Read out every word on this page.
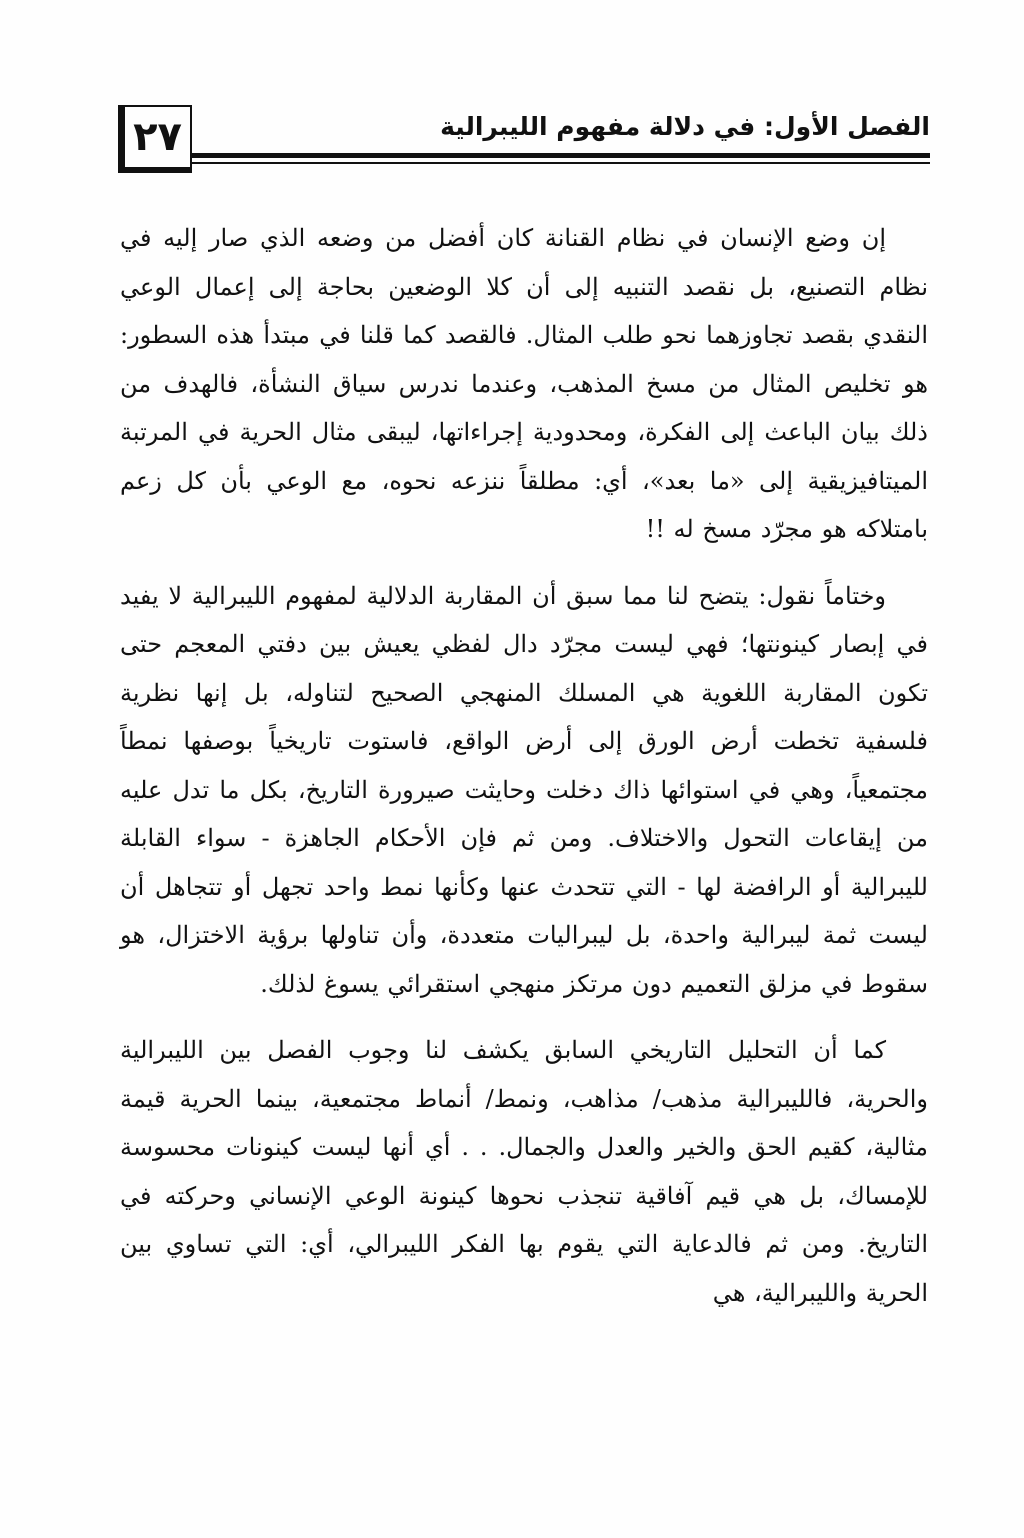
٢٧	الفصل الأول: في دلالة مفهوم الليبرالية

إن وضع الإنسان في نظام القنانة كان أفضل من وضعه الذي صار إليه في نظام التصنيع، بل نقصد التنبيه إلى أن كلا الوضعين بحاجة إلى إعمال الوعي النقدي بقصد تجاوزهما نحو طلب المثال. فالقصد كما قلنا في مبتدأ هذه السطور: هو تخليص المثال من مسخ المذهب، وعندما ندرس سياق النشأة، فالهدف من ذلك بيان الباعث إلى الفكرة، ومحدودية إجراءاتها، ليبقى مثال الحرية في المرتبة الميتافيزيقية إلى «ما بعد»، أي: مطلقاً ننزعه نحوه، مع الوعي بأن كل زعم بامتلاكه هو مجرّد مسخ له !!

وختاماً نقول: يتضح لنا مما سبق أن المقاربة الدلالية لمفهوم الليبرالية لا يفيد في إبصار كينونتها؛ فهي ليست مجرّد دال لفظي يعيش بين دفتي المعجم حتى تكون المقاربة اللغوية هي المسلك المنهجي الصحيح لتناوله، بل إنها نظرية فلسفية تخطت أرض الورق إلى أرض الواقع، فاستوت تاريخياً بوصفها نمطاً مجتمعياً، وهي في استوائها ذاك دخلت وحايثت صيرورة التاريخ، بكل ما تدل عليه من إيقاعات التحول والاختلاف. ومن ثم فإن الأحكام الجاهزة - سواء القابلة لليبرالية أو الرافضة لها - التي تتحدث عنها وكأنها نمط واحد تجهل أو تتجاهل أن ليست ثمة ليبرالية واحدة، بل ليبراليات متعددة، وأن تناولها برؤية الاختزال، هو سقوط في مزلق التعميم دون مرتكز منهجي استقرائي يسوغ لذلك.

كما أن التحليل التاريخي السابق يكشف لنا وجوب الفصل بين الليبرالية والحرية، فالليبرالية مذهب/ مذاهب، ونمط/ أنماط مجتمعية، بينما الحرية قيمة مثالية، كقيم الحق والخير والعدل والجمال. . . أي أنها ليست كينونات محسوسة للإمساك، بل هي قيم آفاقية تنجذب نحوها كينونة الوعي الإنساني وحركته في التاريخ. ومن ثم فالدعاية التي يقوم بها الفكر الليبرالي، أي: التي تساوي بين الحرية والليبرالية، هي
